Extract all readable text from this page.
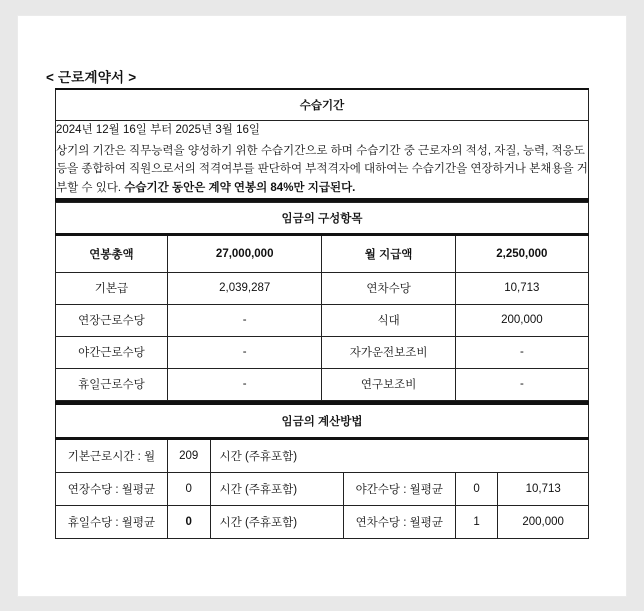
< 근로계약서 >
수습기간

2024년 12월 16일 부터 2025년 3월 16일
상기의 기간은 직무능력을 양성하기 위한 수습기간으로 하며 수습기간 중 근로자의 적성, 자질, 능력, 적응도 등을 종합하여 직원으로서의 적격여부를 판단하여 부적격자에 대하여는 수습기간을 연장하거나 본채용을 거부할 수 있다. 수습기간 동안은 계약 연봉의 84%만 지급된다.
임금의 구성항목			
연봉총액	27,000,000	월 지급액	2,250,000
기본급	2,039,287	연차수당	10,713
연장근로수당	-	식대	200,000
야간근로수당	-	자가운전보조비	-
휴일근로수당	-	연구보조비	-
임금의 계산방법					
기본근로시간 : 월	209	시간 (주휴포함)			
연장수당 : 월평균	0	시간 (주휴포함)	야간수당 : 월평균	0	10,713
휴일수당 : 월평균	0	시간 (주휴포함)	연차수당 : 월평균	1	200,000
